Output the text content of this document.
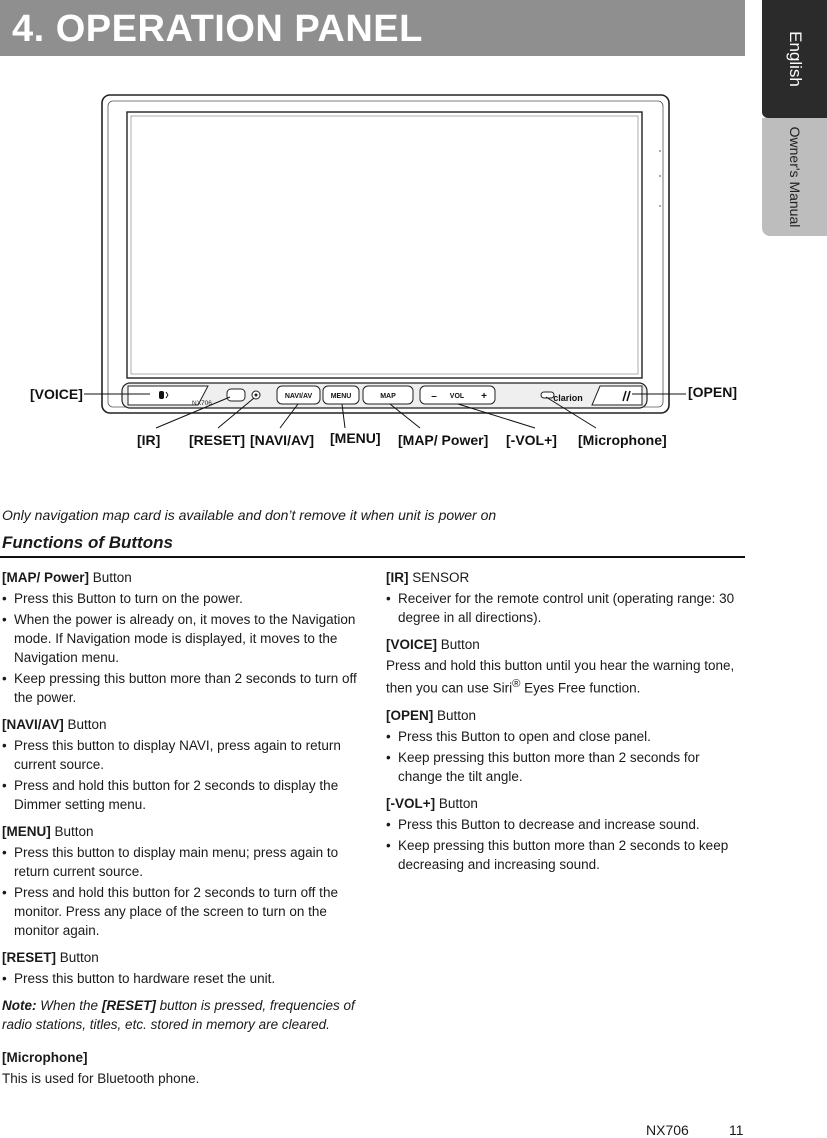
4. OPERATION PANEL
English
Owner's Manual
NX706
NAVI/AV	MENU	MAP	– VOL +	clarion
[VOICE]	[OPEN]
[IR] [RESET] [NAVI/AV] [MENU] [MAP/ Power] [-VOL+] [Microphone]
Only navigation map card is available and don’t remove it when unit is power on
Functions of Buttons

[MAP/ Power] Button

• Press this Button to turn on the power.
• When the power is already on, it moves to the Navigation mode. If Navigation mode is displayed, it moves to the Navigation menu.
• Keep pressing this button more than 2 seconds to turn off the power.

[NAVI/AV] Button

• Press this button to display NAVI, press again to return current source.
• Press and hold this button for 2 seconds to display the Dimmer setting menu.

[MENU] Button

• Press this button to display main menu; press again to return current source.
• Press and hold this button for 2 seconds to turn off the monitor. Press any place of the screen to turn on the monitor again.

[RESET] Button

• Press this button to hardware reset the unit.

Note: When the [RESET] button is pressed, frequencies of radio stations, titles, etc. stored in memory are cleared.

[Microphone]

This is used for Bluetooth phone.

[IR] SENSOR

• Receiver for the remote control unit (operating range: 30 degree in all directions).

[VOICE] Button

Press and hold this button until you hear the warning tone, then you can use Siri® Eyes Free function.

[OPEN] Button

• Press this Button to open and close panel.
• Keep pressing this button more than 2 seconds for change the tilt angle.

[-VOL+] Button

• Press this Button to decrease and increase sound.
• Keep pressing this button more than 2 seconds to keep decreasing and increasing sound.
NX706	11
